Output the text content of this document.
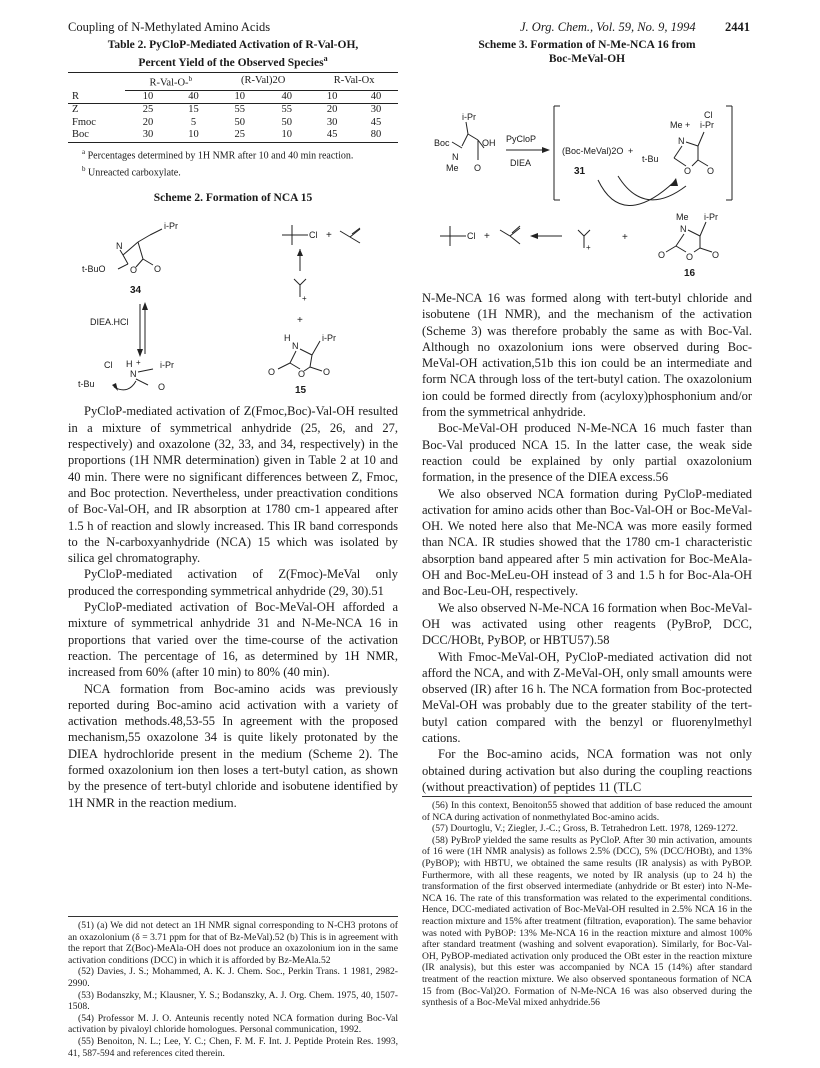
Coupling of N-Methylated Amino Acids	J. Org. Chem., Vol. 59, No. 9, 1994 2441
Table 2. PyCloP-Mediated Activation of R-Val-OH,
Percent Yield of the Observed Species$^a$
	R-Val-O-$^b$		(R-Val)2O		R-Val-Ox	
R	10	40	10	40	10	40
Z	25	15	55	55	20	30
Fmoc	20	5	50	50	30	45
Boc	30	10	25	10	45	80
$^a$ Percentages determined by 1H NMR after 10 and 40 min reaction.
$^b$ Unreacted carboxylate.
Scheme 2. Formation of NCA 15
i-Pr
N
t-BuO	O O
34
DIEA.HCl
Cl H + i-Pr
N
t-Bu	O
Cl +
+
+
H	i-Pr
N
O	O O
15

PyCloP-mediated activation of Z(Fmoc,Boc)-Val-OH resulted in a mixture of symmetrical anhydride (25, 26, and 27, respectively) and oxazolone (32, 33, and 34, respectively) in the proportions (1H NMR determination) given in Table 2 at 10 and 40 min. There were no significant differences between Z, Fmoc, and Boc protection. Nevertheless, under preactivation conditions of Boc-Val-OH, and IR absorption at 1780 cm-1 appeared after 1.5 h of reaction and slowly increased. This IR band corresponds to the N-carboxyanhydride (NCA) 15 which was isolated by silica gel chromatography.

PyCloP-mediated activation of Z(Fmoc)-MeVal only produced the corresponding symmetrical anhydride (29, 30).51

PyCloP-mediated activation of Boc-MeVal-OH afforded a mixture of symmetrical anhydride 31 and N-Me-NCA 16 in proportions that varied over the time-course of the activation reaction. The percentage of 16, as determined by 1H NMR, increased from 60% (after 10 min) to 80% (40 min).

NCA formation from Boc-amino acids was previously reported during Boc-amino acid activation with a variety of activation methods.48,53-55 In agreement with the proposed mechanism,55 oxazolone 34 is quite likely protonated by the DIEA hydrochloride present in the medium (Scheme 2). The formed oxazolonium ion then loses a tert-butyl cation, as shown by the presence of tert-butyl chloride and isobutene identified by 1H NMR in the reaction medium.

(51) (a) We did not detect an 1H NMR signal corresponding to N-CH3 protons of an oxazolonium (δ = 3.71 ppm for that of Bz-MeVal).52 (b) This is in agreement with the report that Z(Boc)-MeAla-OH does not produce an oxazolonium ion in the same activation conditions (DCC) in which it is afforded by Bz-MeAla.52
(52) Davies, J. S.; Mohammed, A. K. J. Chem. Soc., Perkin Trans. 1 1981, 2982-2990.
(53) Bodanszky, M.; Klausner, Y. S.; Bodanszky, A. J. Org. Chem. 1975, 40, 1507-1508.
(54) Professor M. J. O. Anteunis recently noted NCA formation during Boc-Val activation by pivaloyl chloride homologues. Personal communication, 1992.
(55) Benoiton, N. L.; Lee, Y. C.; Chen, F. M. F. Int. J. Peptide Protein Res. 1993, 41, 587-594 and references cited therein.
Scheme 3. Formation of N-Me-NCA 16 from
Boc-MeVal-OH
i-Pr
Boc	OH
N
Me O
PyCloP
DIEA
(Boc-MeVal)2O +
31
Cl
Me + i-Pr
N
t-Bu
O O
Cl +
+
+
Me i-Pr
N
O O O
16

N-Me-NCA 16 was formed along with tert-butyl chloride and isobutene (1H NMR), and the mechanism of the activation (Scheme 3) was therefore probably the same as with Boc-Val. Although no oxazolonium ions were observed during Boc-MeVal-OH activation,51b this ion could be an intermediate and form NCA through loss of the tert-butyl cation. The oxazolonium ion could be formed directly from (acyloxy)phosphonium and/or from the symmetrical anhydride.

Boc-MeVal-OH produced N-Me-NCA 16 much faster than Boc-Val produced NCA 15. In the latter case, the weak side reaction could be explained by only partial oxazolonium formation, in the presence of the DIEA excess.56

We also observed NCA formation during PyCloP-mediated activation for amino acids other than Boc-Val-OH or Boc-MeVal-OH. We noted here also that Me-NCA was more easily formed than NCA. IR studies showed that the 1780 cm-1 characteristic absorption band appeared after 5 min activation for Boc-MeAla-OH and Boc-MeLeu-OH instead of 3 and 1.5 h for Boc-Ala-OH and Boc-Leu-OH, respectively.

We also observed N-Me-NCA 16 formation when Boc-MeVal-OH was activated using other reagents (PyBroP, DCC, DCC/HOBt, PyBOP, or HBTU57).58

With Fmoc-MeVal-OH, PyCloP-mediated activation did not afford the NCA, and with Z-MeVal-OH, only small amounts were observed (IR) after 16 h. The NCA formation from Boc-protected MeVal-OH was probably due to the greater stability of the tert-butyl cation compared with the benzyl or fluorenylmethyl cations.

For the Boc-amino acids, NCA formation was not only obtained during activation but also during the coupling reactions (without preactivation) of peptides 11 (TLC

(56) In this context, Benoiton55 showed that addition of base reduced the amount of NCA during activation of nonmethylated Boc-amino acids.
(57) Dourtoglu, V.; Ziegler, J.-C.; Gross, B. Tetrahedron Lett. 1978, 1269-1272.
(58) PyBroP yielded the same results as PyCloP. After 30 min activation, amounts of 16 were (1H NMR analysis) as follows 2.5% (DCC), 5% (DCC/HOBt), and 13% (PyBOP); with HBTU, we obtained the same results (IR analysis) as with PyBOP. Furthermore, with all these reagents, we noted by IR analysis (up to 24 h) the transformation of the first observed intermediate (anhydride or Bt ester) into N-Me-NCA 16. The rate of this transformation was related to the experimental conditions. Hence, DCC-mediated activation of Boc-MeVal-OH resulted in 2.5% NCA 16 in the reaction mixture and 15% after treatment (filtration, evaporation). The same behavior was noted with PyBOP: 13% Me-NCA 16 in the reaction mixture and almost 100% after standard treatment (washing and solvent evaporation). Similarly, for Boc-Val-OH, PyBOP-mediated activation only produced the OBt ester in the reaction mixture (IR analysis), but this ester was accompanied by NCA 15 (14%) after standard treatment of the reaction mixture. We also observed spontaneous formation of NCA 15 from (Boc-Val)2O. Formation of N-Me-NCA 16 was also observed during the synthesis of a Boc-MeVal mixed anhydride.56
